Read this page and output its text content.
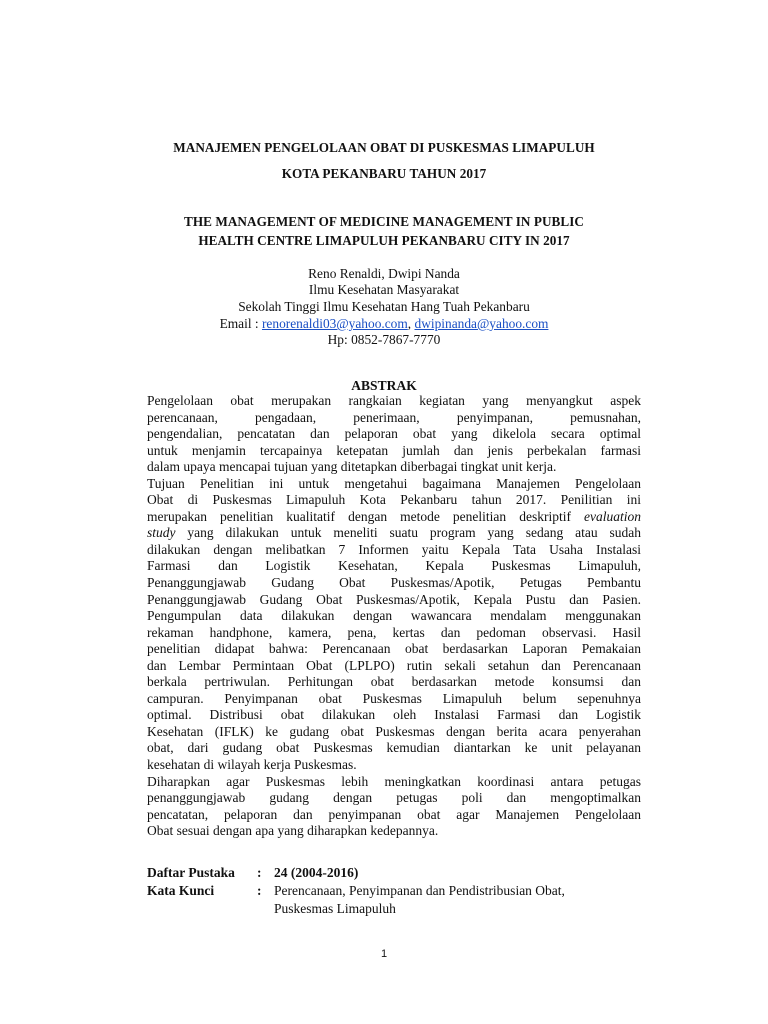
MANAJEMEN PENGELOLAAN OBAT DI PUSKESMAS LIMAPULUH
KOTA PEKANBARU TAHUN 2017
THE MANAGEMENT OF MEDICINE MANAGEMENT IN PUBLIC
HEALTH CENTRE LIMAPULUH PEKANBARU CITY IN 2017
Reno Renaldi, Dwipi Nanda
Ilmu Kesehatan Masyarakat
Sekolah Tinggi Ilmu Kesehatan Hang Tuah Pekanbaru
Email : renorenaldi03@yahoo.com, dwipinanda@yahoo.com
Hp: 0852-7867-7770
ABSTRAK
Pengelolaan obat merupakan rangkaian kegiatan yang menyangkut aspek
perencanaan, pengadaan, penerimaan, penyimpanan, pemusnahan,
pengendalian, pencatatan dan pelaporan obat yang dikelola secara optimal
untuk menjamin tercapainya ketepatan jumlah dan jenis perbekalan farmasi
dalam upaya mencapai tujuan yang ditetapkan diberbagai tingkat unit kerja.
Tujuan Penelitian ini untuk mengetahui bagaimana Manajemen Pengelolaan
Obat di Puskesmas Limapuluh Kota Pekanbaru tahun 2017. Penilitian ini
merupakan penelitian kualitatif dengan metode penelitian deskriptif evaluation
study yang dilakukan untuk meneliti suatu program yang sedang atau sudah
dilakukan dengan melibatkan 7 Informen yaitu Kepala Tata Usaha Instalasi
Farmasi dan Logistik Kesehatan, Kepala Puskesmas Limapuluh,
Penanggungjawab Gudang Obat Puskesmas/Apotik, Petugas Pembantu
Penanggungjawab Gudang Obat Puskesmas/Apotik, Kepala Pustu dan Pasien.
Pengumpulan data dilakukan dengan wawancara mendalam menggunakan
rekaman handphone, kamera, pena, kertas dan pedoman observasi. Hasil
penelitian didapat bahwa: Perencanaan obat berdasarkan Laporan Pemakaian
dan Lembar Permintaan Obat (LPLPO) rutin sekali setahun dan Perencanaan
berkala pertriwulan. Perhitungan obat berdasarkan metode konsumsi dan
campuran. Penyimpanan obat Puskesmas Limapuluh belum sepenuhnya
optimal. Distribusi obat dilakukan oleh Instalasi Farmasi dan Logistik
Kesehatan (IFLK) ke gudang obat Puskesmas dengan berita acara penyerahan
obat, dari gudang obat Puskesmas kemudian diantarkan ke unit pelayanan
kesehatan di wilayah kerja Puskesmas.
Diharapkan agar Puskesmas lebih meningkatkan koordinasi antara petugas
penanggungjawab gudang dengan petugas poli dan mengoptimalkan
pencatatan, pelaporan dan penyimpanan obat agar Manajemen Pengelolaan
Obat sesuai dengan apa yang diharapkan kedepannya.
Daftar Pustaka : 24 (2004-2016)
Kata Kunci	: Perencanaan, Penyimpanan dan Pendistribusian Obat,
Puskesmas Limapuluh
1
